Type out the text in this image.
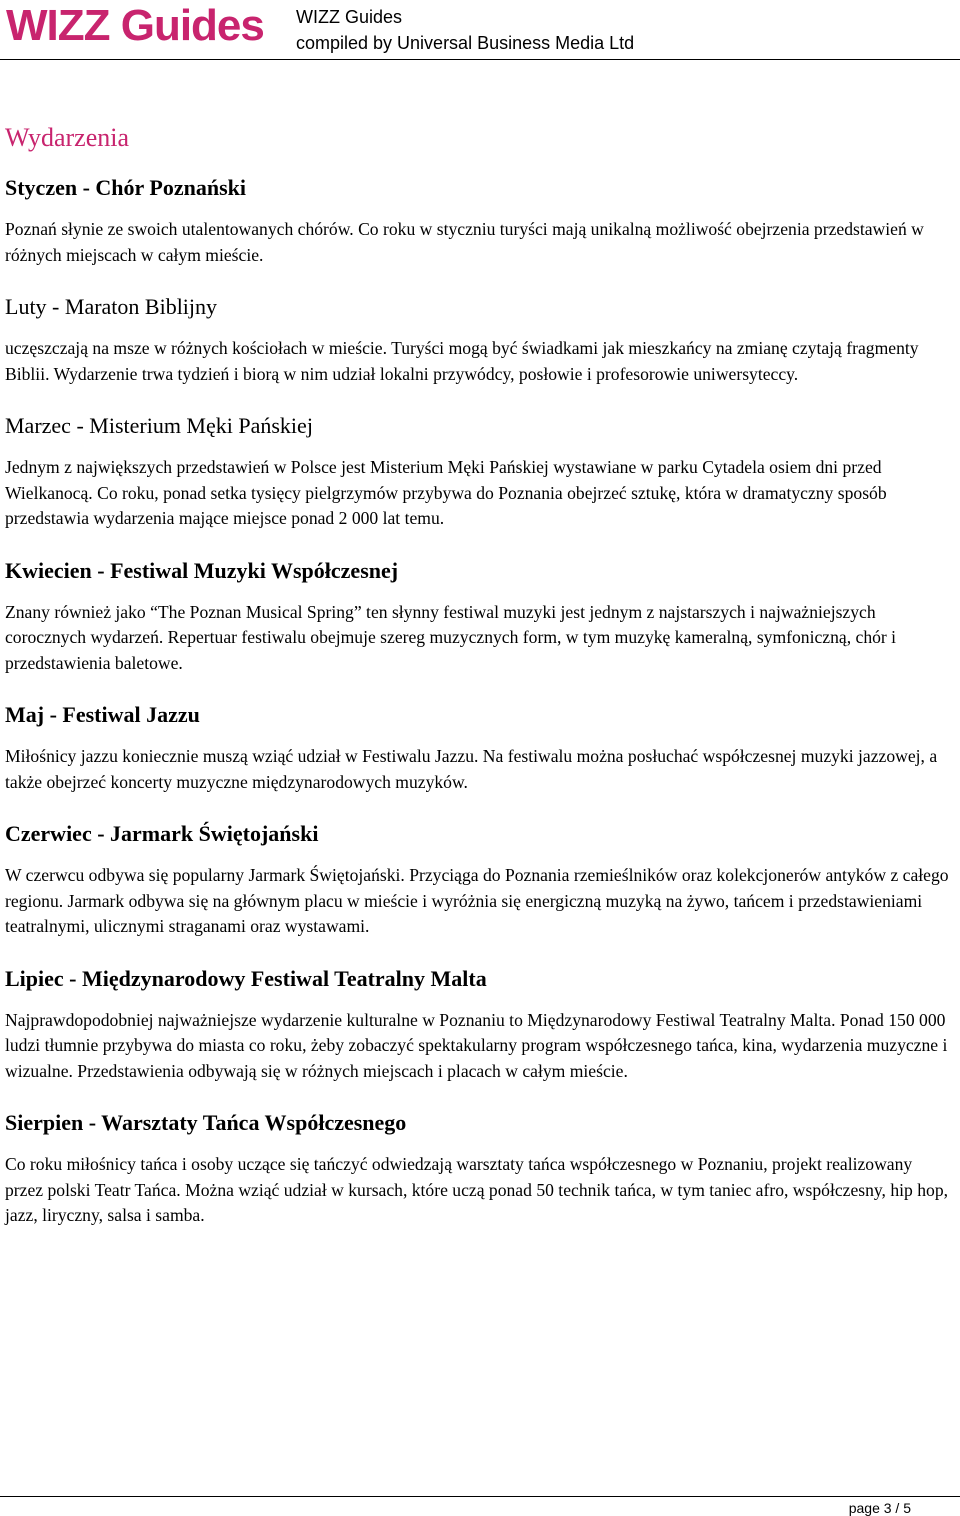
WIZZ Guides WIZZ Guides
compiled by Universal Business Media Ltd
Wydarzenia
Styczen - Chór Poznański

Poznań słynie ze swoich utalentowanych chórów. Co roku w styczniu turyści mają unikalną możliwość obejrzenia przedstawień w różnych miejscach w całym mieście.

Luty - Maraton Biblijny

uczęszczają na msze w różnych kościołach w mieście. Turyści mogą być świadkami jak mieszkańcy na zmianę czytają fragmenty Biblii. Wydarzenie trwa tydzień i biorą w nim udział lokalni przywódcy, posłowie i profesorowie uniwersyteccy.

Marzec - Misterium Męki Pańskiej

Jednym z największych przedstawień w Polsce jest Misterium Męki Pańskiej wystawiane w parku Cytadela osiem dni przed Wielkanocą. Co roku, ponad setka tysięcy pielgrzymów przybywa do Poznania obejrzeć sztukę, która w dramatyczny sposób przedstawia wydarzenia mające miejsce ponad 2 000 lat temu.

Kwiecien - Festiwal Muzyki Współczesnej

Znany również jako “The Poznan Musical Spring” ten słynny festiwal muzyki jest jednym z najstarszych i najważniejszych corocznych wydarzeń. Repertuar festiwalu obejmuje szereg muzycznych form, w tym muzykę kameralną, symfoniczną, chór i przedstawienia baletowe.

Maj - Festiwal Jazzu

Miłośnicy jazzu koniecznie muszą wziąć udział w Festiwalu Jazzu. Na festiwalu można posłuchać współczesnej muzyki jazzowej, a także obejrzeć koncerty muzyczne międzynarodowych muzyków.

Czerwiec - Jarmark Świętojański

W czerwcu odbywa się popularny Jarmark Świętojański. Przyciąga do Poznania rzemieślników oraz kolekcjonerów antyków z całego regionu. Jarmark odbywa się na głównym placu w mieście i wyróżnia się energiczną muzyką na żywo, tańcem i przedstawieniami teatralnymi, ulicznymi straganami oraz wystawami.

Lipiec - Międzynarodowy Festiwal Teatralny Malta

Najprawdopodobniej najważniejsze wydarzenie kulturalne w Poznaniu to Międzynarodowy Festiwal Teatralny Malta. Ponad 150 000 ludzi tłumnie przybywa do miasta co roku, żeby zobaczyć spektakularny program współczesnego tańca, kina, wydarzenia muzyczne i wizualne. Przedstawienia odbywają się w różnych miejscach i placach w całym mieście.

Sierpien - Warsztaty Tańca Współczesnego

Co roku miłośnicy tańca i osoby uczące się tańczyć odwiedzają warsztaty tańca współczesnego w Poznaniu, projekt realizowany przez polski Teatr Tańca. Można wziąć udział w kursach, które uczą ponad 50 technik tańca, w tym taniec afro, współczesny, hip hop, jazz, liryczny, salsa i samba.

page 3 / 5
